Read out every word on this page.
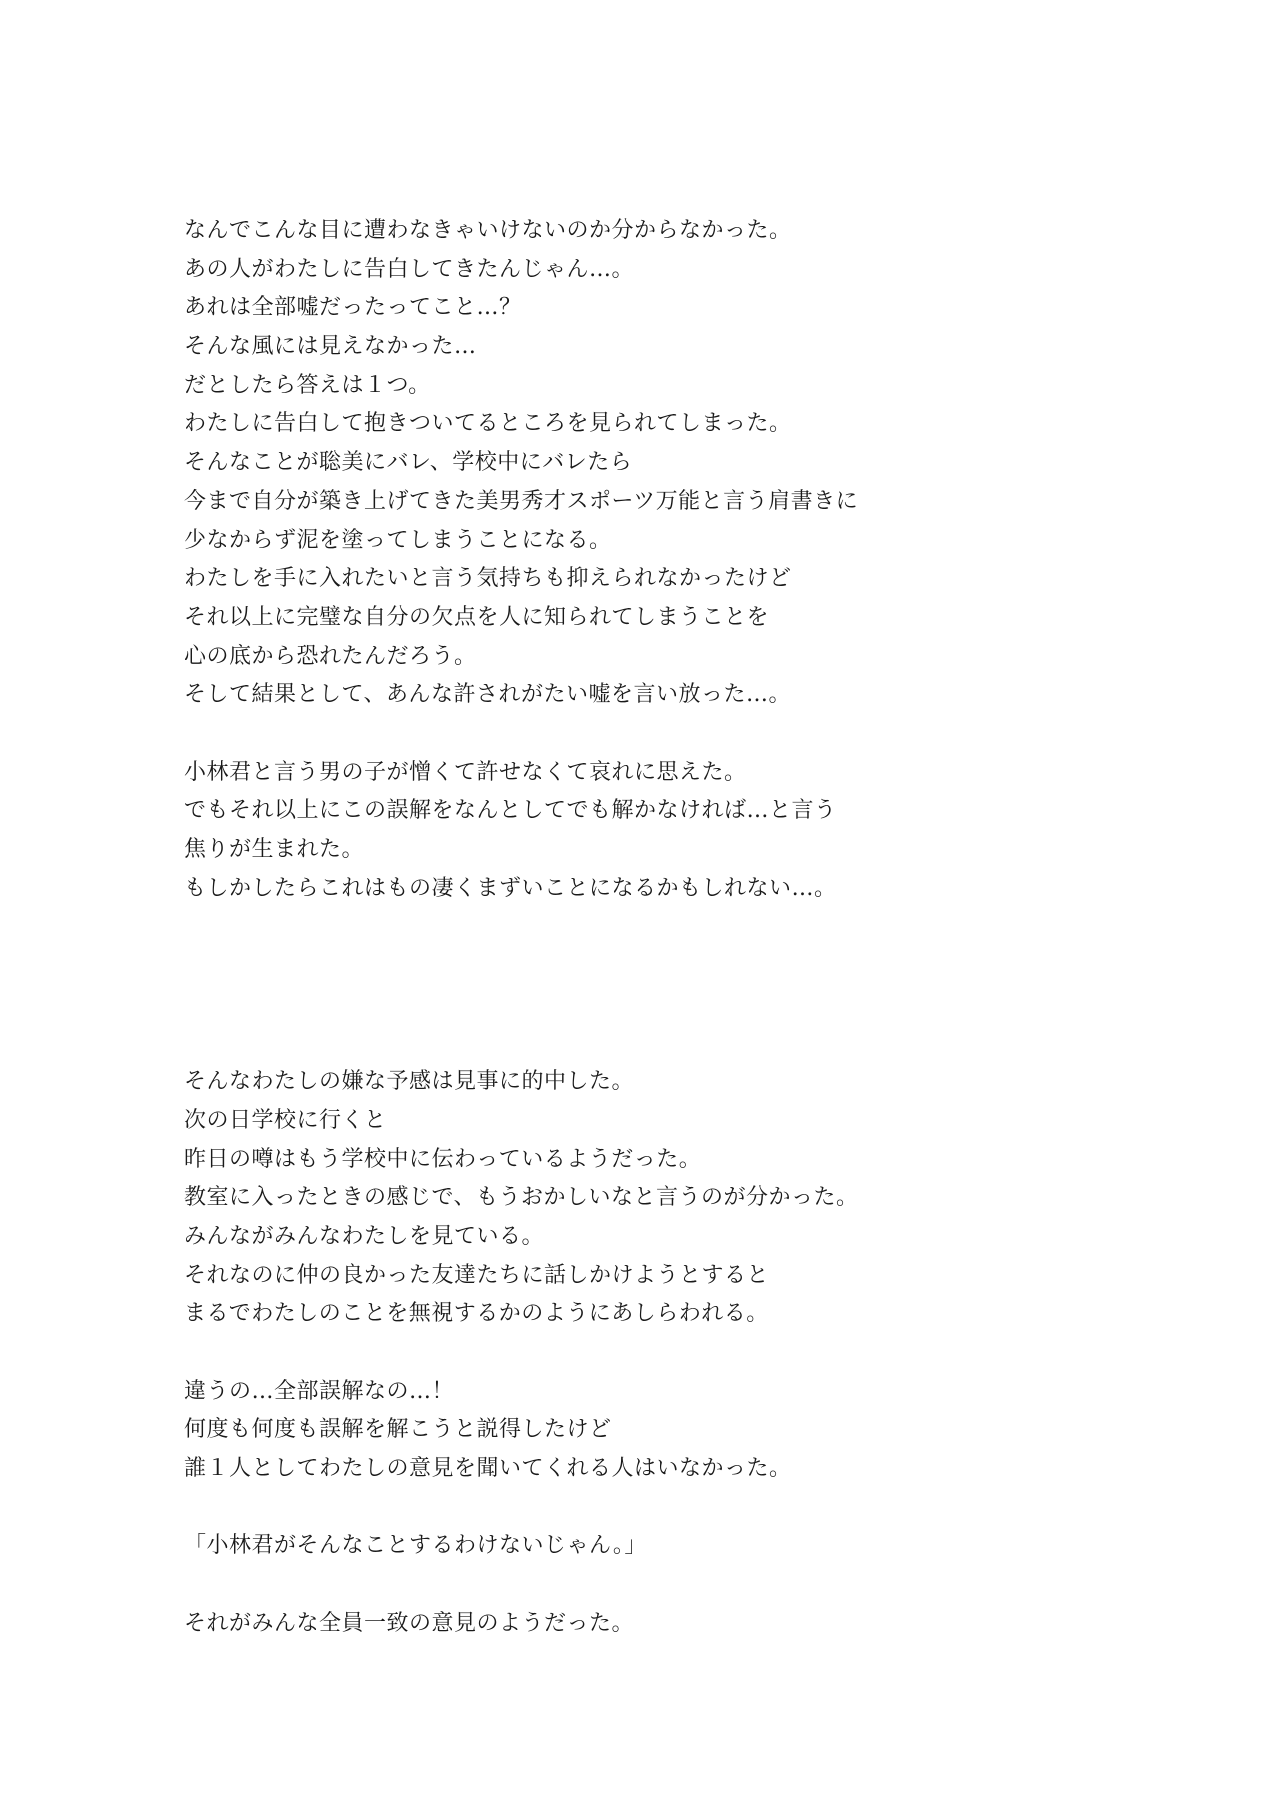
なんでこんな目に遭わなきゃいけないのか分からなかった。
あの人がわたしに告白してきたんじゃん…。
あれは全部嘘だったってこと…？
そんな風には見えなかった…
だとしたら答えは１つ。
わたしに告白して抱きついてるところを見られてしまった。
そんなことが聡美にバレ、学校中にバレたら
今まで自分が築き上げてきた美男秀才スポーツ万能と言う肩書きに
少なからず泥を塗ってしまうことになる。
わたしを手に入れたいと言う気持ちも抑えられなかったけど
それ以上に完璧な自分の欠点を人に知られてしまうことを
心の底から恐れたんだろう。
そして結果として、あんな許されがたい嘘を言い放った…。
小林君と言う男の子が憎くて許せなくて哀れに思えた。
でもそれ以上にこの誤解をなんとしてでも解かなければ…と言う
焦りが生まれた。
もしかしたらこれはもの凄くまずいことになるかもしれない…。
そんなわたしの嫌な予感は見事に的中した。
次の日学校に行くと
昨日の噂はもう学校中に伝わっているようだった。
教室に入ったときの感じで、もうおかしいなと言うのが分かった。
みんながみんなわたしを見ている。
それなのに仲の良かった友達たちに話しかけようとすると
まるでわたしのことを無視するかのようにあしらわれる。
違うの…全部誤解なの…！
何度も何度も誤解を解こうと説得したけど
誰１人としてわたしの意見を聞いてくれる人はいなかった。
「小林君がそんなことするわけないじゃん。」
それがみんな全員一致の意見のようだった。
